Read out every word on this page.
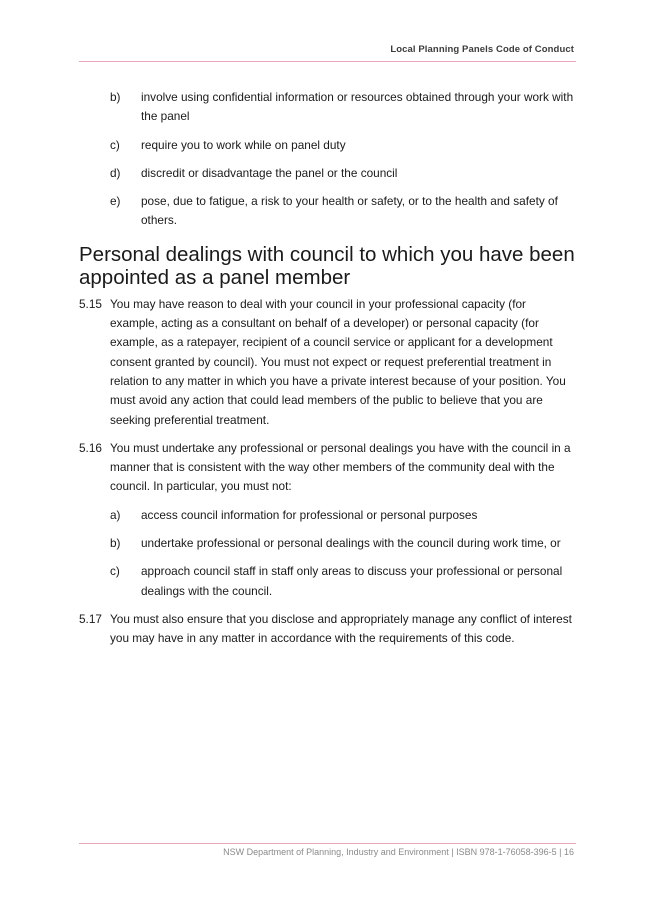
Local Planning Panels Code of Conduct
b)	involve using confidential information or resources obtained through your work with the panel
c)	require you to work while on panel duty
d)	discredit or disadvantage the panel or the council
e)	pose, due to fatigue, a risk to your health or safety, or to the health and safety of others.
Personal dealings with council to which you have been appointed as a panel member
5.15 You may have reason to deal with your council in your professional capacity (for example, acting as a consultant on behalf of a developer) or personal capacity (for example, as a ratepayer, recipient of a council service or applicant for a development consent granted by council). You must not expect or request preferential treatment in relation to any matter in which you have a private interest because of your position. You must avoid any action that could lead members of the public to believe that you are seeking preferential treatment.
5.16 You must undertake any professional or personal dealings you have with the council in a manner that is consistent with the way other members of the community deal with the council. In particular, you must not:
a)	access council information for professional or personal purposes
b)	undertake professional or personal dealings with the council during work time, or
c)	approach council staff in staff only areas to discuss your professional or personal dealings with the council.
5.17 You must also ensure that you disclose and appropriately manage any conflict of interest you may have in any matter in accordance with the requirements of this code.
NSW Department of Planning, Industry and Environment | ISBN 978-1-76058-396-5 | 16
